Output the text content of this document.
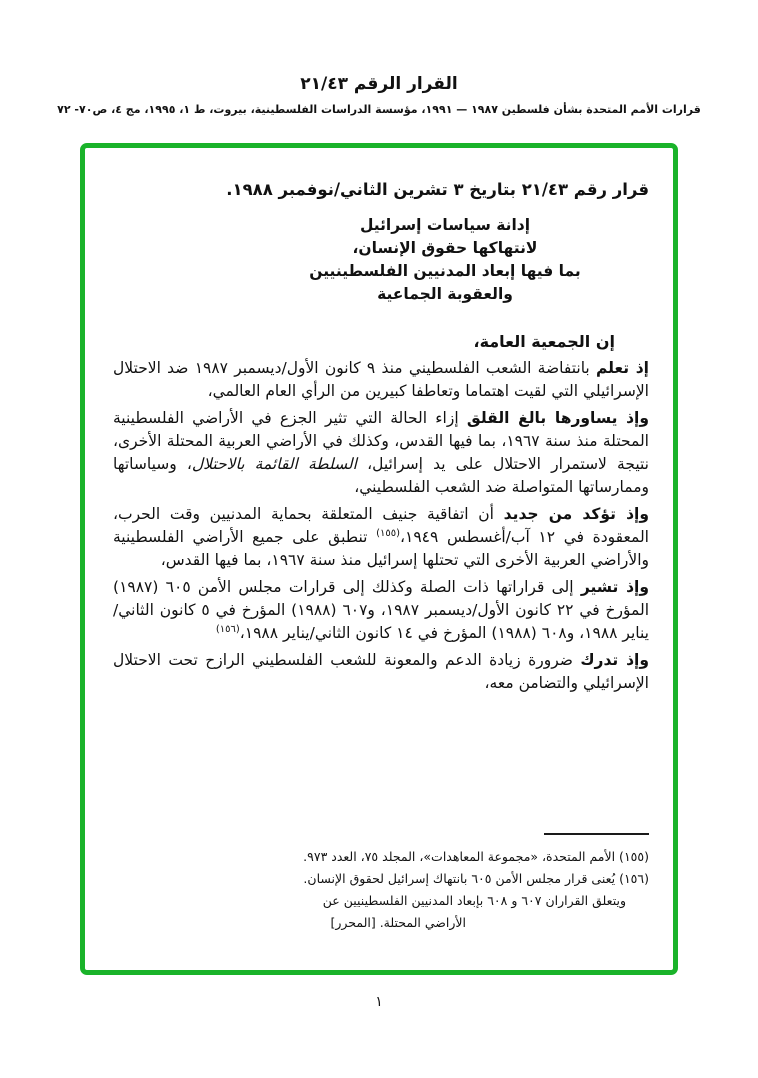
القرار الرقم ٢١/٤٣
قرارات الأمم المتحدة بشأن فلسطين ١٩٨٧ — ١٩٩١، مؤسسة الدراسات الفلسطينية، بيروت، ط ١، ١٩٩٥، مج ٤، ص٧٠- ٧٢
قرار رقم ٢١/٤٣ بتاريخ ٣ تشرين الثاني/نوفمبر ١٩٨٨.
إدانة سياسات إسرائيل
لانتهاكها حقوق الإنسان،
بما فيها إبعاد المدنيين الفلسطينيين
والعقوبة الجماعية

إن الجمعية العامة،

إذ تعلم بانتفاضة الشعب الفلسطيني منذ ٩ كانون الأول/ديسمبر ١٩٨٧ ضد الاحتلال الإسرائيلي التي لقيت اهتماما وتعاطفا كبيرين من الرأي العام العالمي،

وإذ يساورها بالغ القلق إزاء الحالة التي تثير الجزع في الأراضي الفلسطينية المحتلة منذ سنة ١٩٦٧، بما فيها القدس، وكذلك في الأراضي العربية المحتلة الأخرى، نتيجة لاستمرار الاحتلال على يد إسرائيل، السلطة القائمة بالاحتلال، وسياساتها وممارساتها المتواصلة ضد الشعب الفلسطيني،

وإذ تؤكد من جديد أن اتفاقية جنيف المتعلقة بحماية المدنيين وقت الحرب، المعقودة في ١٢ آب/أغسطس ١٩٤٩،$^{(١٥٥)}$ تنطبق على جميع الأراضي الفلسطينية والأراضي العربية الأخرى التي تحتلها إسرائيل منذ سنة ١٩٦٧، بما فيها القدس،

وإذ تشير إلى قراراتها ذات الصلة وكذلك إلى قرارات مجلس الأمن ٦٠٥ (١٩٨٧) المؤرخ في ٢٢ كانون الأول/ديسمبر ١٩٨٧، و٦٠٧ (١٩٨٨) المؤرخ في ٥ كانون الثاني/يناير ١٩٨٨، و٦٠٨ (١٩٨٨) المؤرخ في ١٤ كانون الثاني/يناير ١٩٨٨،$^{(١٥٦)}$

وإذ تدرك ضرورة زيادة الدعم والمعونة للشعب الفلسطيني الرازح تحت الاحتلال الإسرائيلي والتضامن معه،

(١٥٥) الأمم المتحدة، «مجموعة المعاهدات»، المجلد ٧٥، العدد ٩٧٣.
(١٥٦) يُعنى قرار مجلس الأمن ٦٠٥ بانتهاك إسرائيل لحقوق الإنسان.
ويتعلق القراران ٦٠٧ و ٦٠٨ بإبعاد المدنيين الفلسطينيين عن
الأراضي المحتلة. [المحرر]
١
